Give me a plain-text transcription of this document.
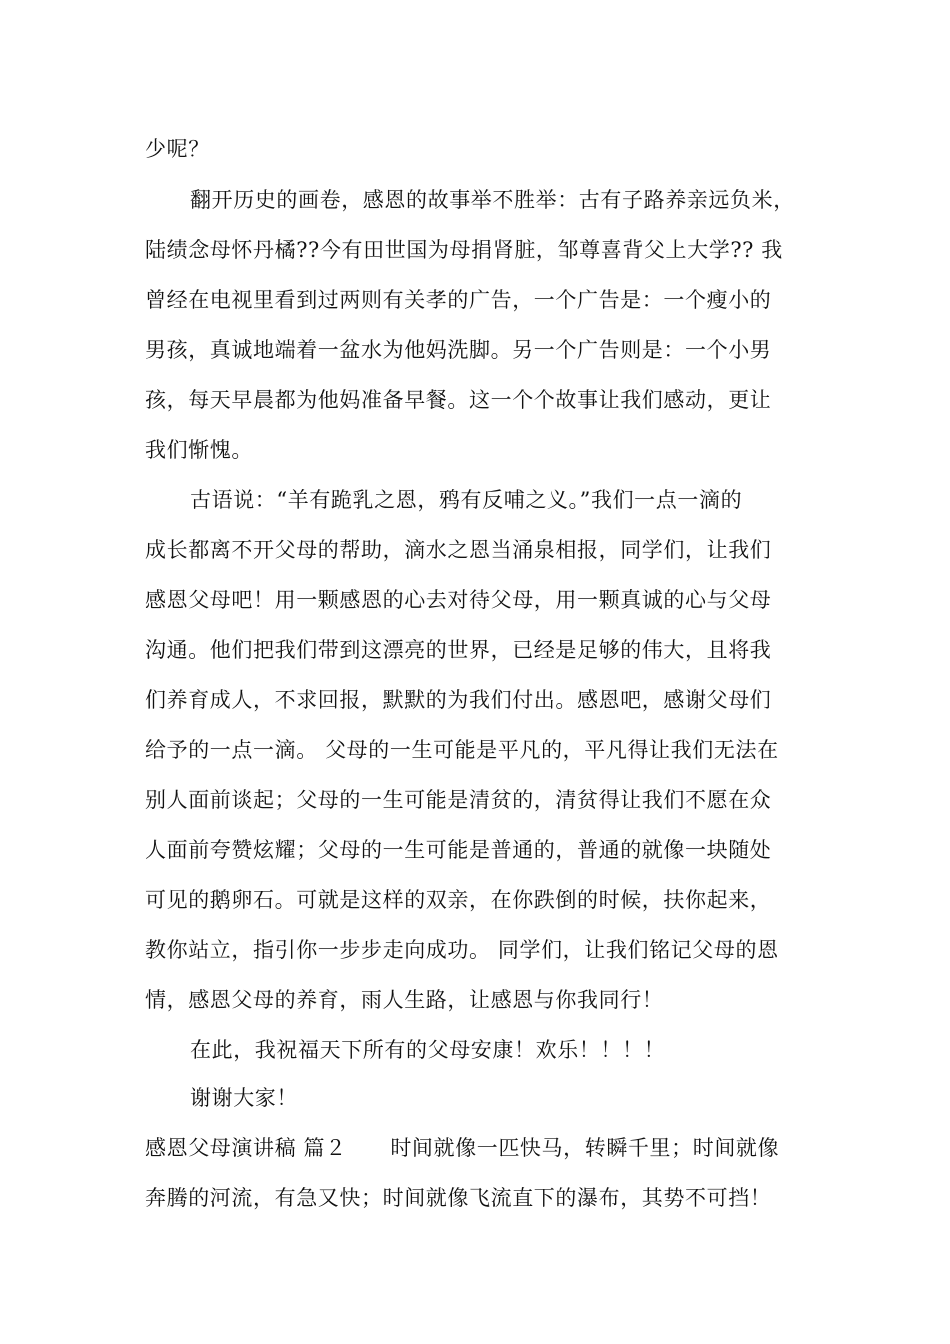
少呢？
翻开历史的画卷，感恩的故事举不胜举：古有子路养亲远负米，
陆绩念母怀丹橘??今有田世国为母捐肾脏，邹尊喜背父上大学?? 我
曾经在电视里看到过两则有关孝的广告，一个广告是：一个瘦小的
男孩，真诚地端着一盆水为他妈洗脚。另一个广告则是：一个小男
孩，每天早晨都为他妈准备早餐。这一个个故事让我们感动，更让
我们惭愧。
古语说：“羊有跪乳之恩，鸦有反哺之义。”我们一点一滴的
成长都离不开父母的帮助，滴水之恩当涌泉相报，同学们，让我们
感恩父母吧！用一颗感恩的心去对待父母，用一颗真诚的心与父母
沟通。他们把我们带到这漂亮的世界，已经是足够的伟大，且将我
们养育成人，不求回报，默默的为我们付出。感恩吧，感谢父母们
给予的一点一滴。 父母的一生可能是平凡的，平凡得让我们无法在
别人面前谈起；父母的一生可能是清贫的，清贫得让我们不愿在众
人面前夸赞炫耀；父母的一生可能是普通的，普通的就像一块随处
可见的鹅卵石。可就是这样的双亲，在你跌倒的时候，扶你起来，
教你站立，指引你一步步走向成功。 同学们，让我们铭记父母的恩
情，感恩父母的养育，雨人生路，让感恩与你我同行！
在此，我祝福天下所有的父母安康！欢乐！！！！
谢谢大家！
感恩父母演讲稿 篇２      时间就像一匹快马，转瞬千里；时间就像
奔腾的河流，有急又快；时间就像飞流直下的瀑布，其势不可挡！
